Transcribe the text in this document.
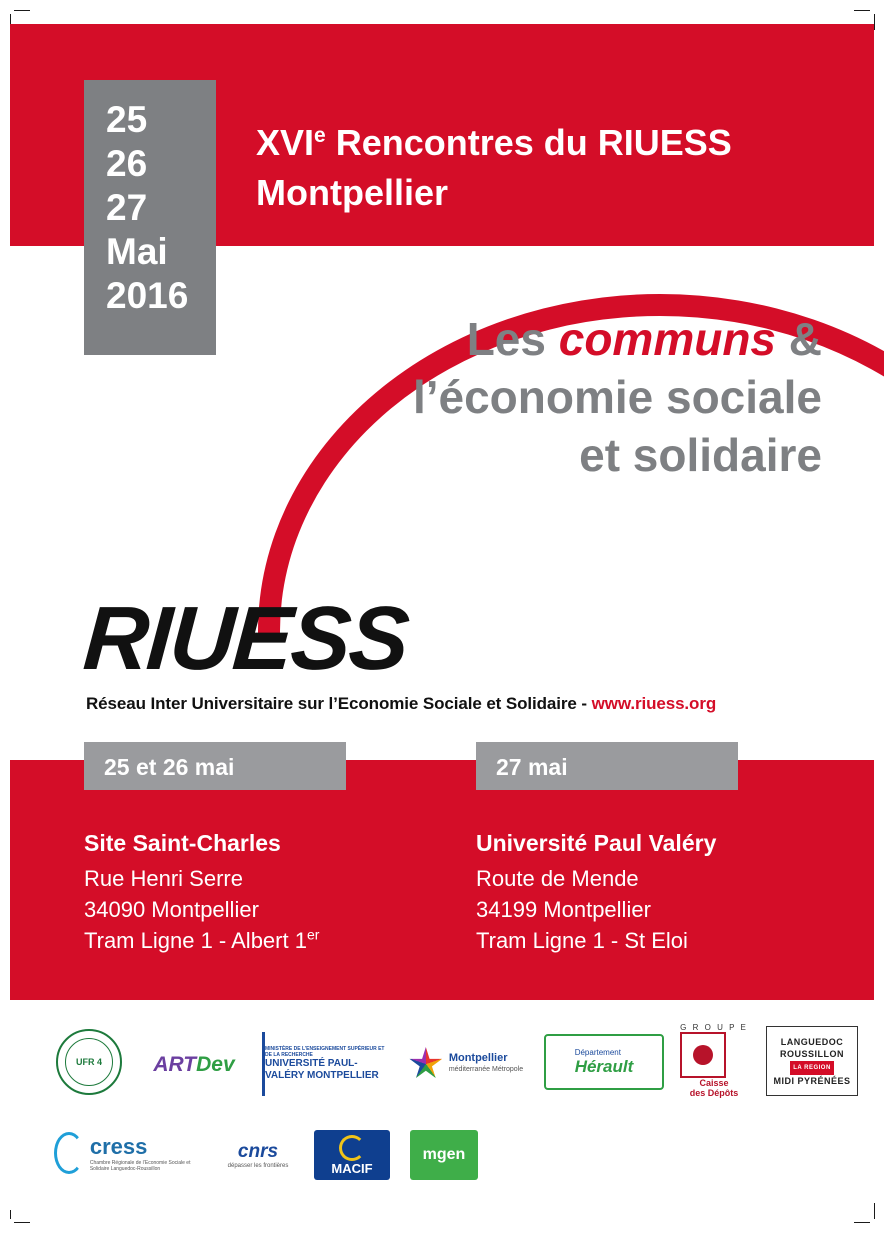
25
26
27
Mai
2016
XVIe Rencontres du RIUESS
Montpellier
Les communs &
l’économie sociale
et solidaire
RIUESS
Réseau Inter Universitaire sur l’Economie Sociale et Solidaire - www.riuess.org
25 et 26 mai	27 mai
Site Saint-Charles
Rue Henri Serre
34090 Montpellier
Tram Ligne 1 - Albert 1er
Université Paul Valéry
Route de Mende
34199 Montpellier
Tram Ligne 1 - St Eloi
UFR 4	ARTDev
MINISTÈRE DE L’ENSEIGNEMENT SUPÉRIEUR ET DE LA RECHERCHE
UNIVERSITÉ PAUL-VALÉRY MONTPELLIER
Montpellier
méditerranée Métropole
Département
Hérault
G R O U P E
Caisse
des Dépôts
LANGUEDOC ROUSSILLON
LA REGION
MIDI PYRÉNÉES
cress
Chambre Régionale de l’Economie Sociale et Solidaire Languedoc-Roussillon
cnrs
dépasser les frontières	MACIF
mgen
